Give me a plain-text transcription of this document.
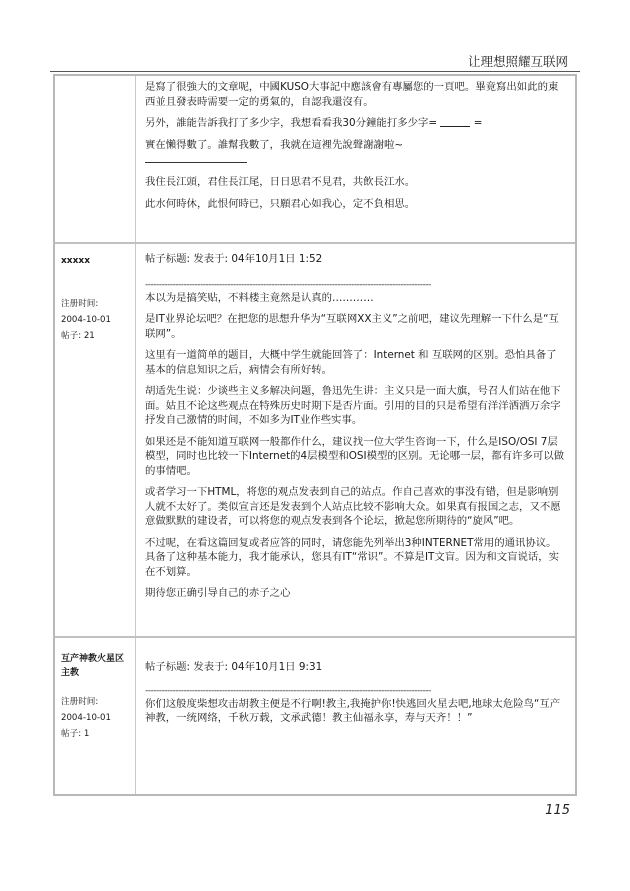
让理想照耀互联网

是寫了很強大的文章呢，中國KUSO大事記中應該會有專屬您的一頁吧。畢竟寫出如此的東西並且發表時需要一定的勇氣的，自認我還沒有。

另外，誰能告訴我打了多少字，我想看看我30分鐘能打多少字=	=

實在懶得數了。誰幫我數了，我就在這裡先說聲謝謝啦~

我住長江頭，君住長江尾，日日思君不見君，共飲長江水。

此水何時休，此恨何時已，只願君心如我心，定不負相思。

xxxxx
注册时间:
2004-10-01
帖子: 21
帖子标题: 发表于: 04年10月1日 1:52
--------------------------------------------------------------------------------------------------------

本以为是搞笑贴，不料楼主竟然是认真的…………

是IT业界论坛吧？在把您的思想升华为“互联网XX主义”之前吧，建议先理解一下什么是“互联网”。

这里有一道简单的题目，大概中学生就能回答了：Internet 和 互联网的区别。恐怕具备了基本的信息知识之后，病情会有所好转。

胡适先生说：少谈些主义多解决问题，鲁迅先生讲：主义只是一面大旗，号召人们站在他下面。姑且不论这些观点在特殊历史时期下是否片面。引用的目的只是希望有洋洋洒洒万余字抒发自己激情的时间，不如多为IT业作些实事。

如果还是不能知道互联网一般都作什么，建议找一位大学生咨询一下，什么是ISO/OSI 7层模型，同时也比较一下Internet的4层模型和OSI模型的区别。无论哪一层，都有许多可以做的事情吧。

或者学习一下HTML，将您的观点发表到自己的站点。作自己喜欢的事没有错，但是影响别人就不太好了。类似宣言还是发表到个人站点比较不影响大众。如果真有报国之志，又不愿意做默默的建设者，可以将您的观点发表到各个论坛，掀起您所期待的“旋风”吧。

不过呢，在看这篇回复或者应答的同时，请您能先列举出3种INTERNET常用的通讯协议。具备了这种基本能力，我才能承认，您具有IT“常识”。不算是IT文盲。因为和文盲说话，实在不划算。

期待您正确引导自己的赤子之心

互产神教火星区 主教
注册时间:
2004-10-01
帖子: 1
帖子标题: 发表于: 04年10月1日 9:31
--------------------------------------------------------------------------------------------------------

你们这般度柴想攻击胡教主便是不行啊!教主,我掩护你!快逃回火星去吧,地球太危险鸟“互产神教，一统网络，千秋万载，文承武德！教主仙福永享，寿与天齐！！”

115
